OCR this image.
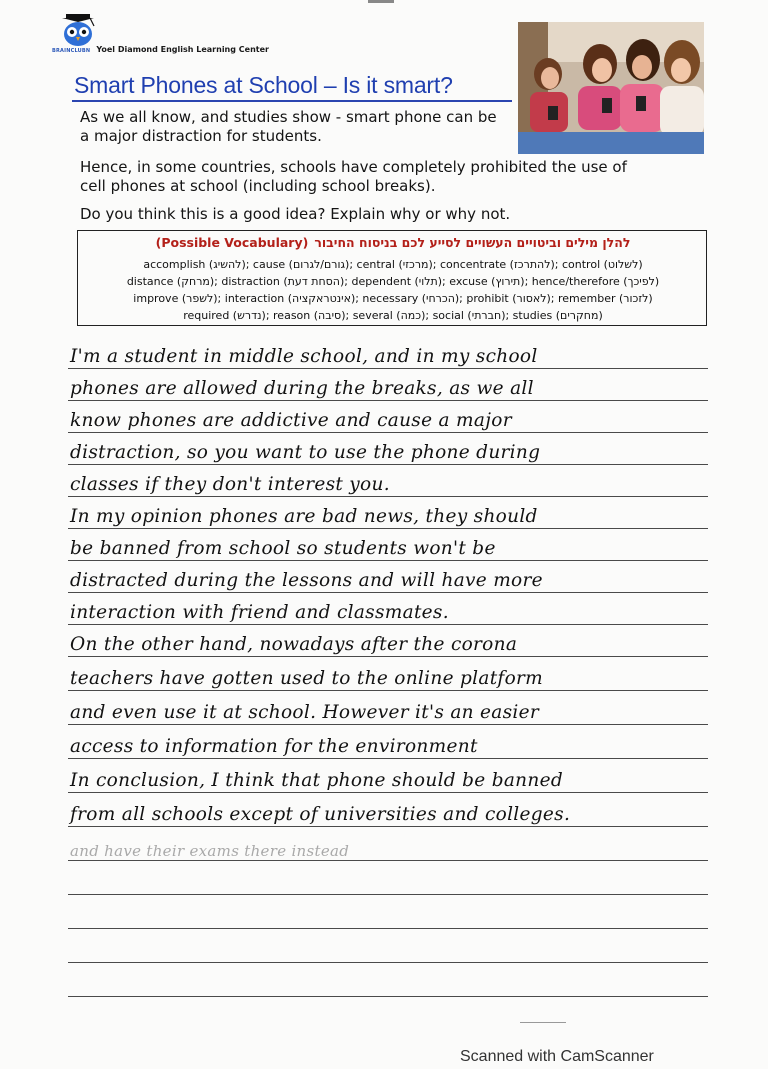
BRAINCLUBN Yoel Diamond English Learning Center
Smart Phones at School – Is it smart?
As we all know, and studies show - smart phone can be
a major distraction for students.
Hence, in some countries, schools have completely prohibited the use of
cell phones at school (including school breaks).
Do you think this is a good idea? Explain why or why not.
(Possible Vocabulary) להלן מילים וביטויים העשויים לסייע לכם בניסוח החיבור
accomplish (להשיג); cause (גורם/לגרום); central (מרכזי); concentrate (להתרכז); control (לשלוט)
distance (מרחק); distraction (הסחת דעת); dependent (תלוי); excuse (תירוץ); hence/therefore (לפיכך)
improve (לשפר); interaction (אינטראקציה); necessary (הכרחי); prohibit (לאסור); remember (לזכור)
required (נדרש); reason (סיבה); several (כמה); social (חברתי); studies (מחקרים)
I'm a student in middle school, and in my school
phones are allowed during the breaks, as we all
know phones are addictive and cause a major
distraction, so you want to use the phone during
classes if they don't interest you.
In my opinion phones are bad news, they should
be banned from school so students won't be
distracted during the lessons and will have more
interaction with friend and classmates.
On the other hand, nowadays after the corona
teachers have gotten used to the online platform
and even use it at school. However it's an easier
access to information for the environment
In conclusion, I think that phone should be banned
from all schools except of universities and colleges.
and have their exams there instead
Scanned with CamScanner
